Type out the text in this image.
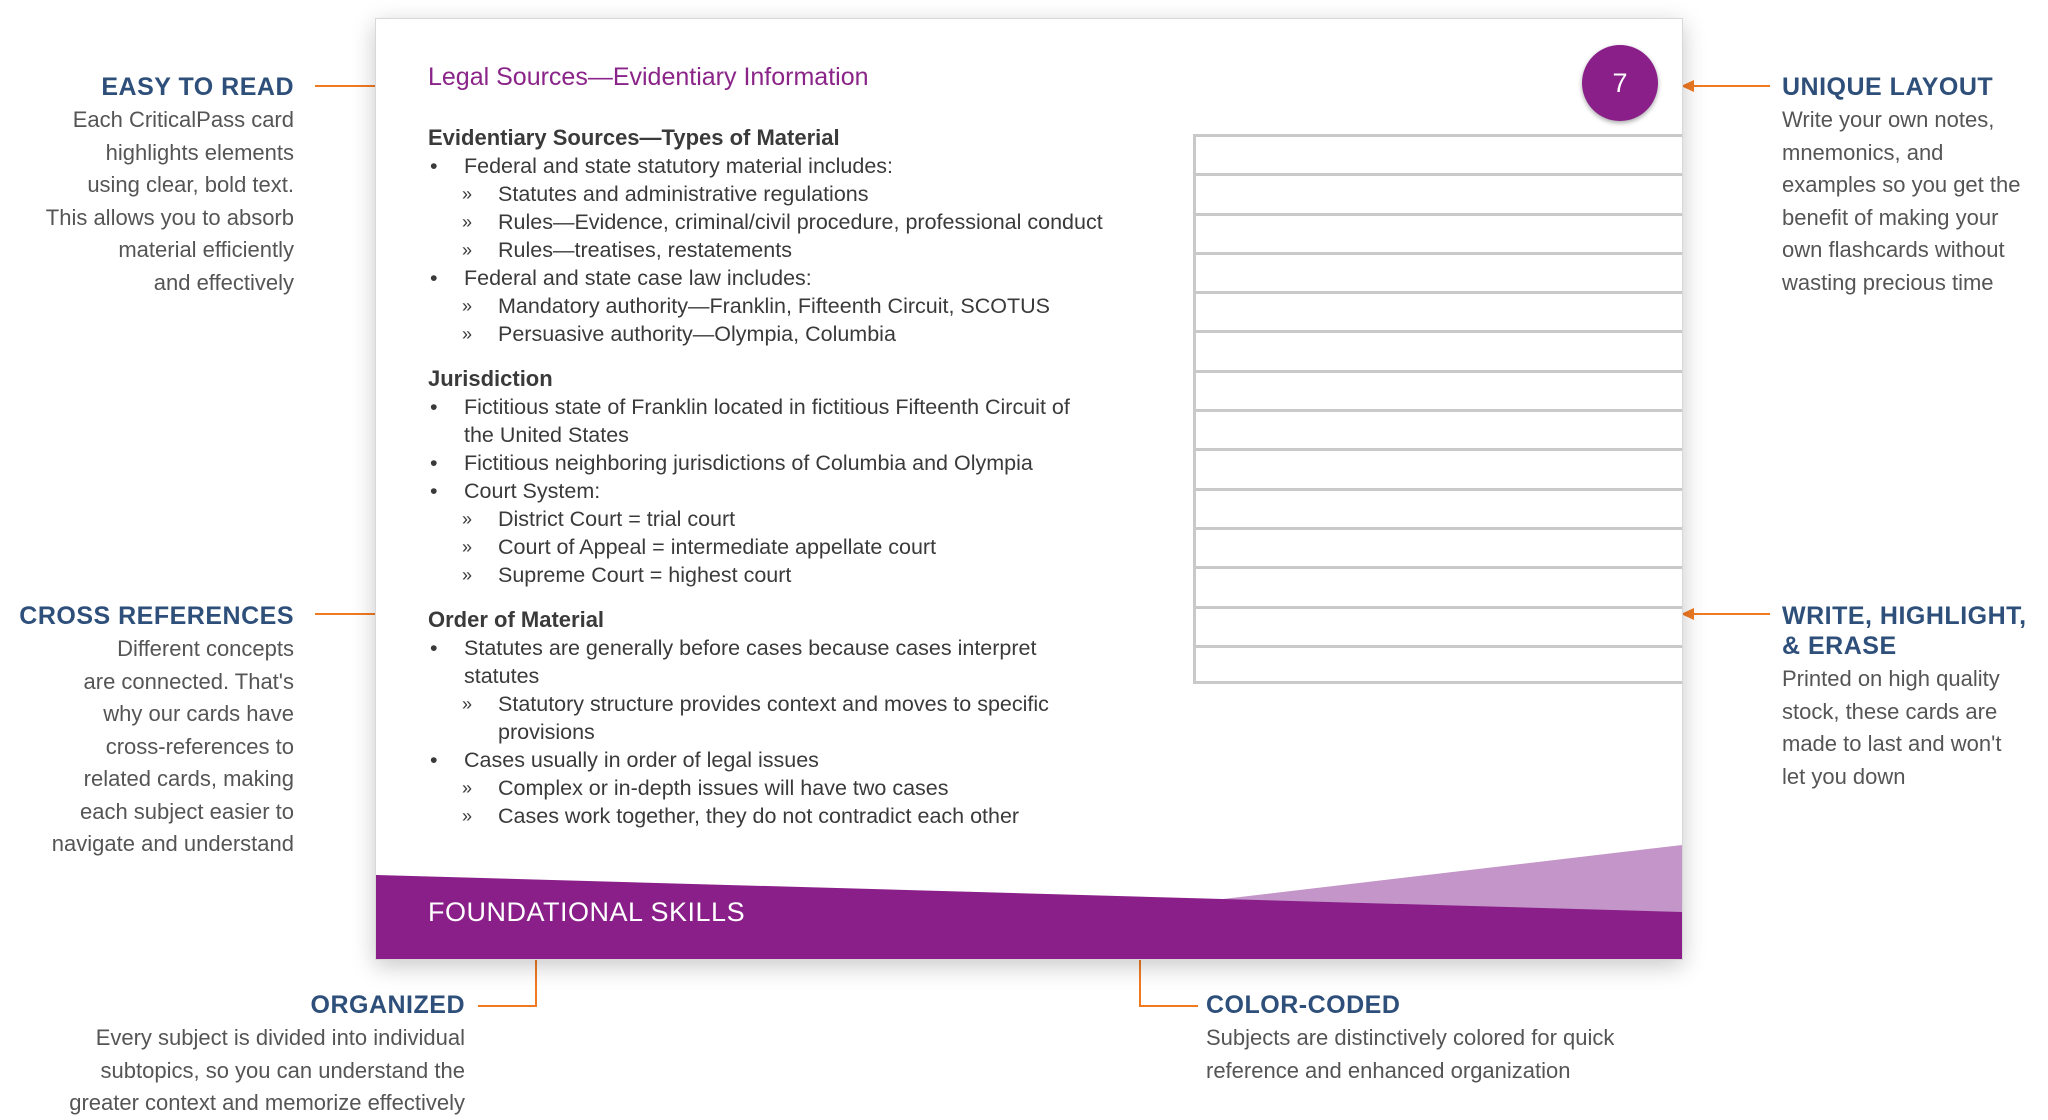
EASY TO READ

Each CriticalPass card
highlights elements
using clear, bold text.
This allows you to absorb
material efficiently
and effectively

CROSS REFERENCES

Different concepts
are connected. That's
why our cards have
cross-references to
related cards, making
each subject easier to
navigate and understand

UNIQUE LAYOUT

Write your own notes,
mnemonics, and
examples so you get the
benefit of making your
own flashcards without
wasting precious time

WRITE, HIGHLIGHT,
& ERASE

Printed on high quality
stock, these cards are
made to last and won't
let you down

ORGANIZED

Every subject is divided into individual
subtopics, so you can understand the
greater context and memorize effectively

COLOR-CODED

Subjects are distinctively colored for quick
reference and enhanced organization

Legal Sources—Evidentiary Information	7

Evidentiary Sources—Types of Material

• Federal and state statutory material includes:
» Statutes and administrative regulations
» Rules—Evidence, criminal/civil procedure, professional conduct
» Rules—treatises, restatements
• Federal and state case law includes:
» Mandatory authority—Franklin, Fifteenth Circuit, SCOTUS
» Persuasive authority—Olympia, Columbia

Jurisdiction

• Fictitious state of Franklin located in fictitious Fifteenth Circuit of
the United States
• Fictitious neighboring jurisdictions of Columbia and Olympia
• Court System:
» District Court = trial court
» Court of Appeal = intermediate appellate court
» Supreme Court = highest court

Order of Material

• Statutes are generally before cases because cases interpret
statutes
» Statutory structure provides context and moves to specific
provisions
• Cases usually in order of legal issues
» Complex or in-depth issues will have two cases
» Cases work together, they do not contradict each other
FOUNDATIONAL SKILLS
